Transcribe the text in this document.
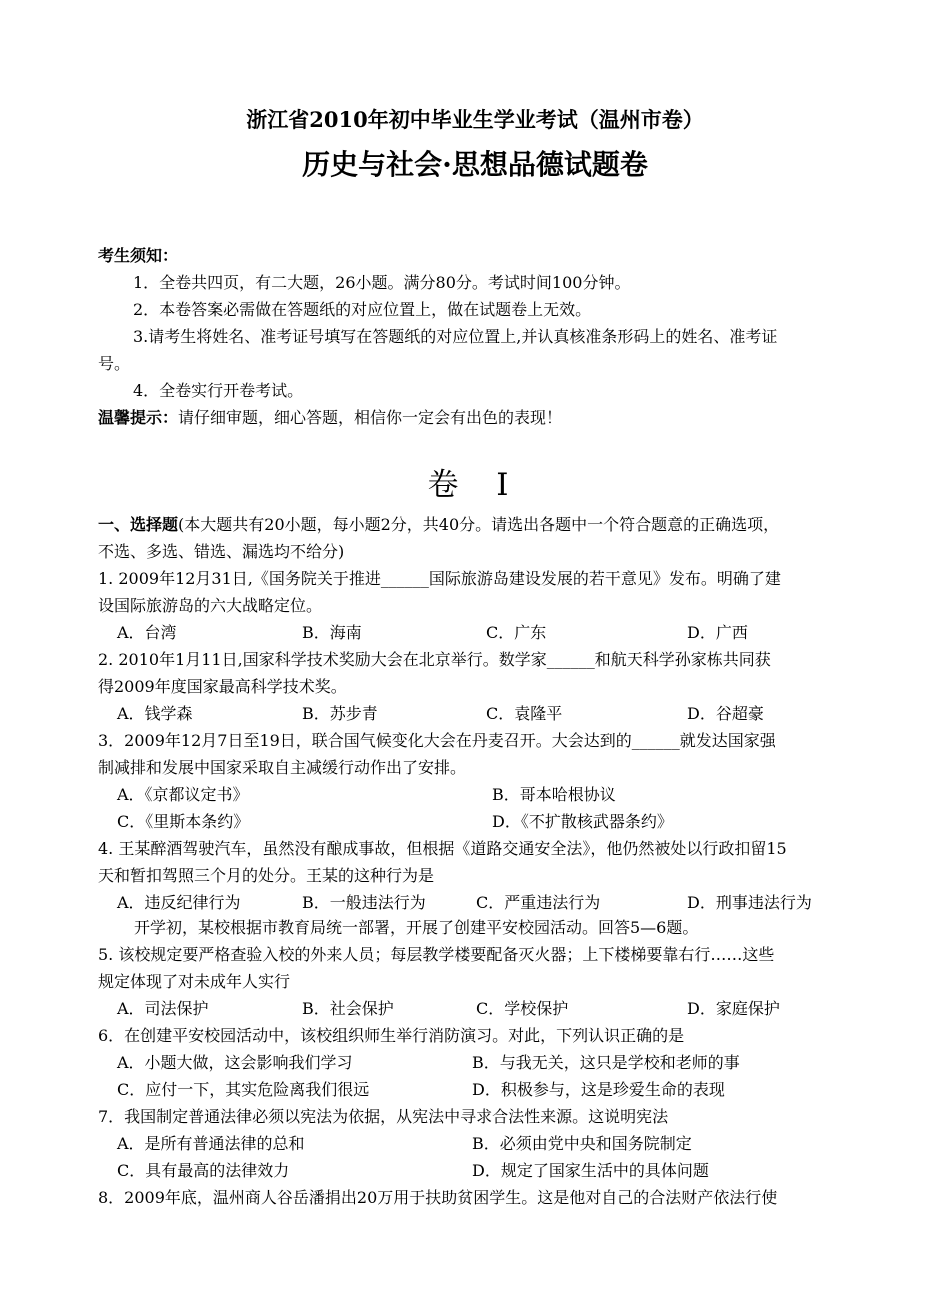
浙江省2010年初中毕业生学业考试（温州市卷）
历史与社会·思想品德试题卷
考生须知：
1．全卷共四页，有二大题，26小题。满分80分。考试时间100分钟。
2．本卷答案必需做在答题纸的对应位置上，做在试题卷上无效。
3.请考生将姓名、准考证号填写在答题纸的对应位置上,并认真核准条形码上的姓名、准考证
号。
4．全卷实行开卷考试。
温馨提示：请仔细审题，细心答题，相信你一定会有出色的表现！
卷 I
一、选择题(本大题共有20小题，每小题2分，共40分。请选出各题中一个符合题意的正确选项，
不选、多选、错选、漏选均不给分)
1. 2009年12月31日,《国务院关于推进______国际旅游岛建设发展的若干意见》发布。明确了建
设国际旅游岛的六大战略定位。
A．台湾	B．海南	C．广东	D．广西
2. 2010年1月11日,国家科学技术奖励大会在北京举行。数学家______和航天科学孙家栋共同获
得2009年度国家最高科学技术奖。
A．钱学森	B．苏步青	C．袁隆平	D．谷超豪
3．2009年12月7日至19日，联合国气候变化大会在丹麦召开。大会达到的______就发达国家强
制减排和发展中国家采取自主减缓行动作出了安排。
A．《京都议定书》	B．哥本哈根协议
C．《里斯本条约》	D．《不扩散核武器条约》
4. 王某醉酒驾驶汽车，虽然没有酿成事故，但根据《道路交通安全法》，他仍然被处以行政扣留15
天和暂扣驾照三个月的处分。王某的这种行为是
A．违反纪律行为	B．一般违法行为	C．严重违法行为	D．刑事违法行为
开学初，某校根据市教育局统一部署，开展了创建平安校园活动。回答5—6题。
5. 该校规定要严格查验入校的外来人员；每层教学楼要配备灭火器；上下楼梯要靠右行……这些
规定体现了对未成年人实行
A．司法保护	B．社会保护	C．学校保护	D．家庭保护
6．在创建平安校园活动中，该校组织师生举行消防演习。对此，下列认识正确的是
A．小题大做，这会影响我们学习	B．与我无关，这只是学校和老师的事
C．应付一下，其实危险离我们很远	D．积极参与，这是珍爱生命的表现
7．我国制定普通法律必须以宪法为依据，从宪法中寻求合法性来源。这说明宪法
A．是所有普通法律的总和	B．必须由党中央和国务院制定
C．具有最高的法律效力	D．规定了国家生活中的具体问题
8．2009年底，温州商人谷岳潘捐出20万用于扶助贫困学生。这是他对自己的合法财产依法行使
